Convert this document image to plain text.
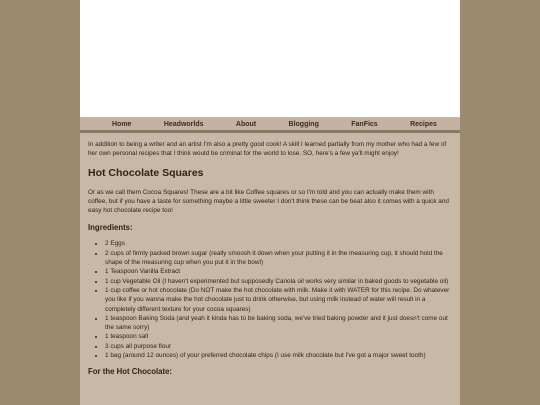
Home	Headworlds	About	Blogging	FanFics	Recipes

In addition to being a writer and an artist I'm also a pretty good cook! A skill I learned partially from my mother who had a few of her own personal recipes that I think would be criminal for the world to lose. SO, here's a few ya'll might enjoy!

Hot Chocolate Squares

Or as we call them Cocoa Squares! These are a bit like Coffee squares or so I'm told and you can actually make them with coffee, but if you have a taste for something maybe a little sweeter I don't think these can be beat also it comes with a quick and easy hot chocolate recipe too!

Ingredients:
• 2 Eggs
• 2 cups of firmly packed brown sugar (really smoosh it down when your putting it in the measuring cup, it should hold the shape of the measuring cup when you put it in the bowl)
• 1 Teaspoon Vanilla Extract
• 1 cup Vegetable Oil (I haven't experimented but supposedly Canola oil works very similar in baked goods to vegetable oil)
• 1 cup coffee or hot chocolate (Do NOT make the hot chocolate with milk. Make it with WATER for this recipe. Do whatever you like if you wanna make the hot chocolate just to drink otherwise, but using milk instead of water will result in a completely different texture for your cocoa squares)
• 1 teaspoon Baking Soda (and yeah it kinda has to be baking soda, we've tried baking powder and it just doesn't come out the same sorry)
• 1 teaspoon salt
• 3 cups all purpose flour
• 1 bag (around 12 ounces) of your preferred chocolate chips (I use milk chocolate but I've got a major sweet tooth)
For the Hot Chocolate:
